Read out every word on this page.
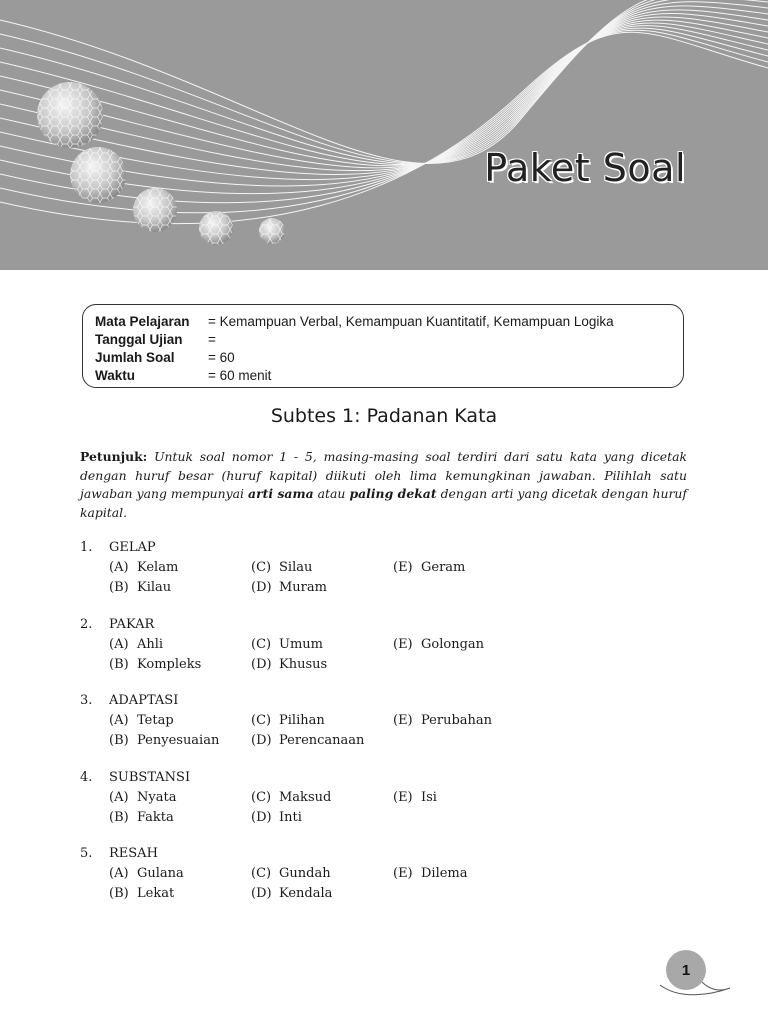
Paket Soal
Mata Pelajaran	= Kemampuan Verbal, Kemampuan Kuantitatif, Kemampuan Logika
Tanggal Ujian	=
Jumlah Soal	= 60
Waktu	= 60 menit
Subtes 1: Padanan Kata
Petunjuk: Untuk soal nomor 1 - 5, masing-masing soal terdiri dari satu kata yang dicetak dengan huruf besar (huruf kapital) diikuti oleh lima kemungkinan jawaban. Pilihlah satu jawaban yang mempunyai arti sama atau paling dekat dengan arti yang dicetak dengan huruf kapital.
1.	GELAP
(A) Kelam	(C) Silau	(E) Geram
(B) Kilau	(D) Muram
2.	PAKAR
(A) Ahli	(C) Umum	(E) Golongan
(B) Kompleks	(D) Khusus
3.	ADAPTASI
(A) Tetap	(C) Pilihan	(E) Perubahan
(B) Penyesuaian (D) Perencanaan
4.	SUBSTANSI
(A) Nyata	(C) Maksud	(E) Isi
(B) Fakta	(D) Inti
5.	RESAH
(A) Gulana	(C) Gundah	(E) Dilema
(B) Lekat	(D) Kendala
1
